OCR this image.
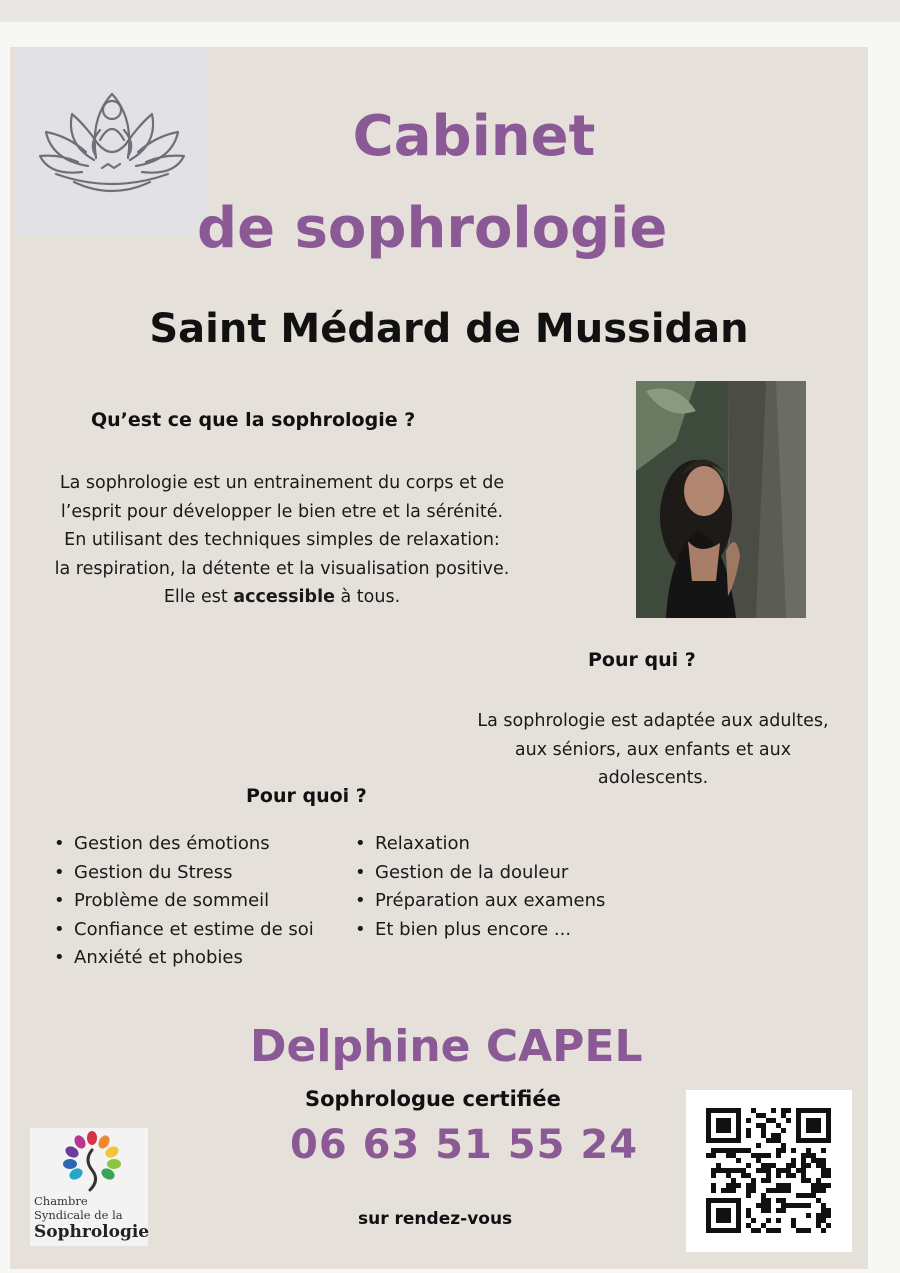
Cabinet
de sophrologie
Saint Médard de Mussidan
Qu’est ce que la sophrologie ?
La sophrologie est un entrainement du corps et de
l’esprit pour développer le bien etre et la sérénité.
En utilisant des techniques simples de relaxation:
la respiration, la détente et la visualisation positive.
Elle est accessible à tous.
Pour qui ?
La sophrologie est adaptée aux adultes,
aux séniors, aux enfants et aux
adolescents.
Pour quoi ?
• Gestion des émotions
• Gestion du Stress
• Problème de sommeil
• Confiance et estime de soi
• Anxiété et phobies
• Relaxation
• Gestion de la douleur
• Préparation aux examens
• Et bien plus encore ...
Delphine CAPEL
Sophrologue certifiée
06 63 51 55 24
sur rendez-vous
Chambre
Syndicale de la
Sophrologie
